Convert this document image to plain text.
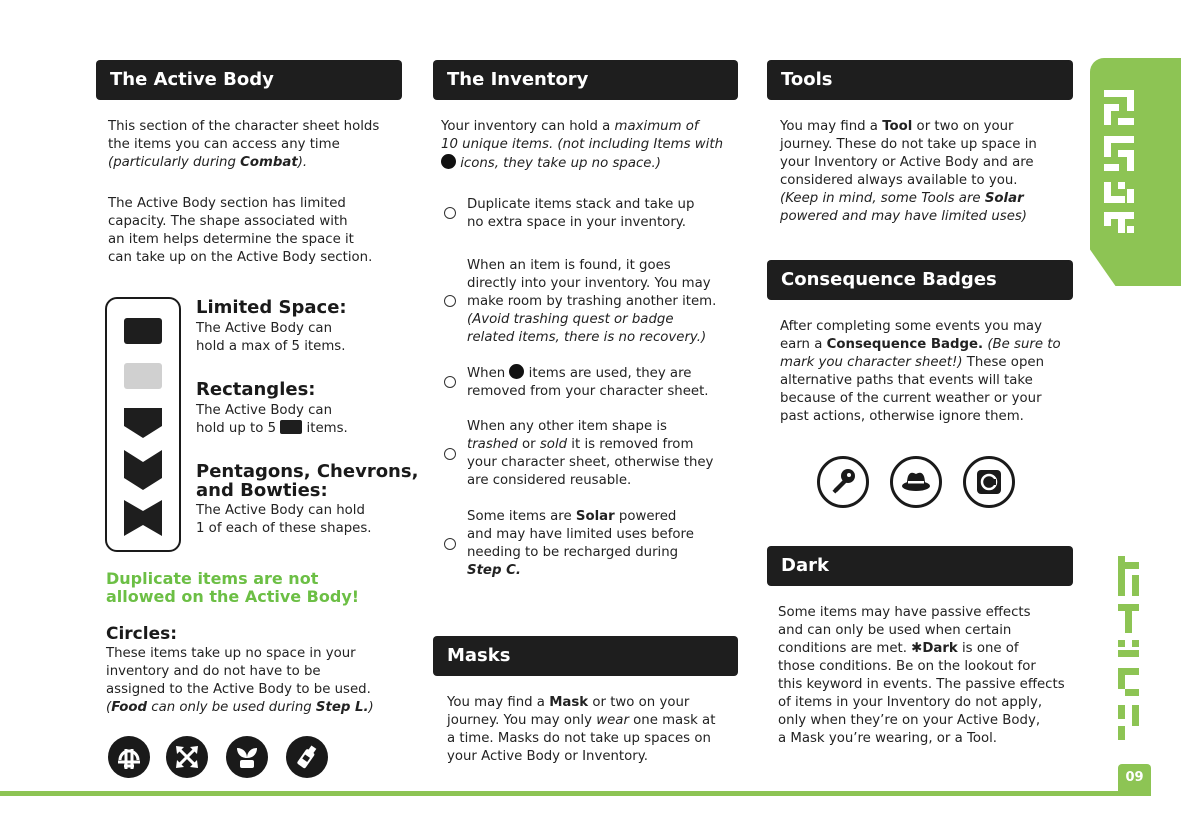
The Active Body

This section of the character sheet holds

the items you can access any time

(particularly during Combat).

The Active Body section has limited

capacity. The shape associated with

an item helps determine the space it

can take up on the Active Body section.

Limited Space:

The Active Body can

hold a max of 5 items.

Rectangles:

The Active Body can

hold up to 5 items.

Pentagons, Chevrons,
and Bowties:

The Active Body can hold

1 of each of these shapes.

Duplicate items are not
allowed on the Active Body!
Circles:

These items take up no space in your

inventory and do not have to be

assigned to the Active Body to be used.

(Food can only be used during Step L.)

The Inventory

Your inventory can hold a maximum of

10 unique items. (not including Items with

icons, they take up no space.)

Duplicate items stack and take up

no extra space in your inventory.

When an item is found, it goes

directly into your inventory. You may

make room by trashing another item.

(Avoid trashing quest or badge

related items, there is no recovery.)

When items are used, they are

removed from your character sheet.

When any other item shape is

trashed or sold it is removed from

your character sheet, otherwise they

are considered reusable.

Some items are Solar powered

and may have limited uses before

needing to be recharged during

Step C.

Masks

You may find a Mask or two on your

journey. You may only wear one mask at

a time. Masks do not take up spaces on

your Active Body or Inventory.

Tools

You may find a Tool or two on your

journey. These do not take up space in

your Inventory or Active Body and are

considered always available to you.

(Keep in mind, some Tools are Solar

powered and may have limited uses)

Consequence Badges

After completing some events you may

earn a Consequence Badge. (Be sure to

mark you character sheet!) These open

alternative paths that events will take

because of the current weather or your

past actions, otherwise ignore them.

Dark

Some items may have passive effects

and can only be used when certain

conditions are met. ✱Dark is one of

those conditions. Be on the lookout for

this keyword in events. The passive effects

of items in your Inventory do not apply,

only when they’re on your Active Body,

a Mask you’re wearing, or a Tool.

09
